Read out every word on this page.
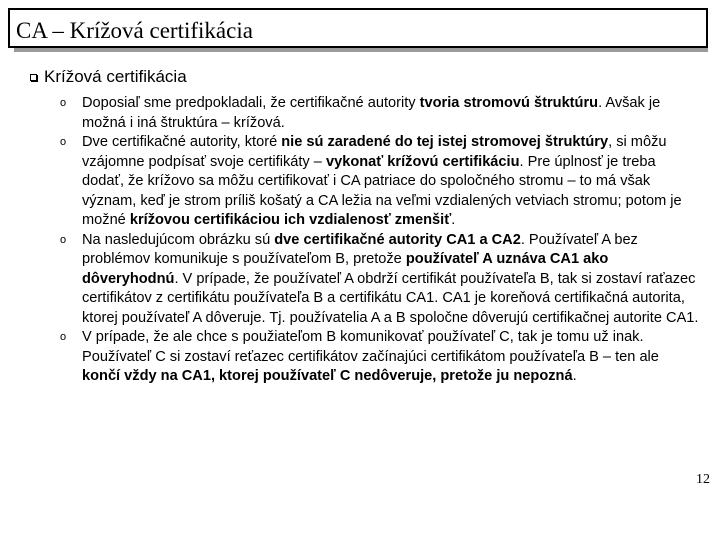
CA – Krížová certifikácia
Krížová certifikácia
o Doposiaľ sme predpokladali, že certifikačné autority tvoria stromovú štruktúru. Avšak je možná i iná štruktúra – krížová.
o Dve certifikačné autority, ktoré nie sú zaradené do tej istej stromovej štruktúry, si môžu vzájomne podpísať svoje certifikáty – vykonať krížovú certifikáciu. Pre úplnosť je treba dodať, že krížovo sa môžu certifikovať i CA patriace do spoločného stromu – to má však význam, keď je strom príliš košatý a CA ležia na veľmi vzdialených vetviach stromu; potom je možné krížovou certifikáciou ich vzdialenosť zmenšiť.
o Na nasledujúcom obrázku sú dve certifikačné autority CA1 a CA2. Používateľ A bez problémov komunikuje s používateľom B, pretože používateľ A uznáva CA1 ako dôveryhodnú. V prípade, že používateľ A obdrží certifikát používateľa B, tak si zostaví raťazec certifikátov z certifikátu používateľa B a certifikátu CA1. CA1 je koreňová certifikačná autorita, ktorej používateľ A dôveruje. Tj. používatelia A a B spoločne dôverujú certifikačnej autorite CA1.
o V prípade, že ale chce s použiateľom B komunikovať používateľ C, tak je tomu už inak. Používateľ C si zostaví reťazec certifikátov začínajúci certifikátom používateľa B – ten ale končí vždy na CA1, ktorej používateľ C nedôveruje, pretože ju nepozná.
12
